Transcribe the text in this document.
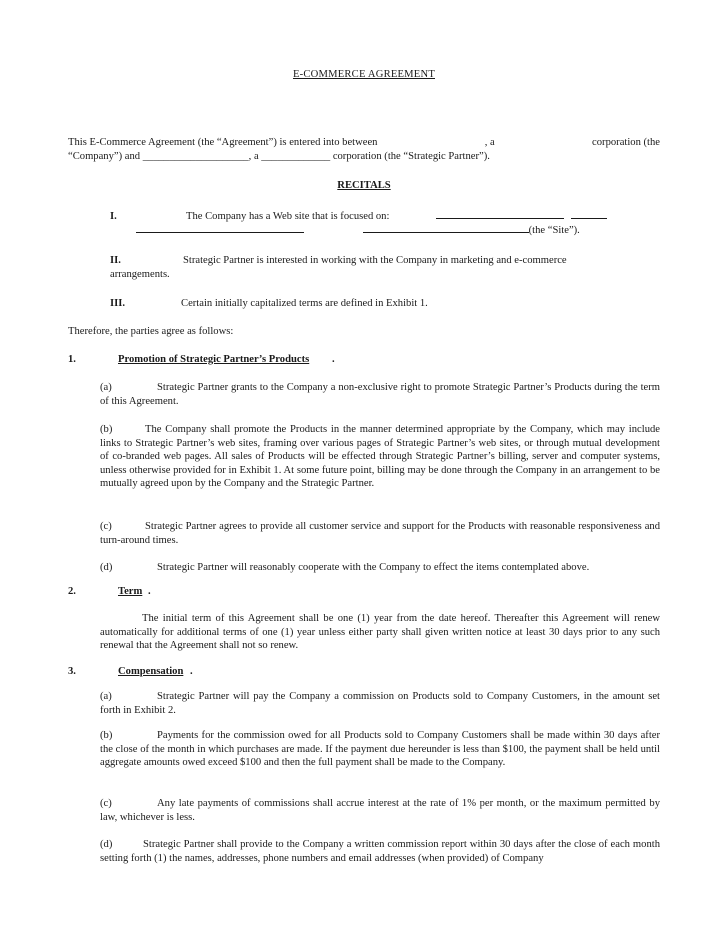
E-COMMERCE AGREEMENT
This E-Commerce Agreement (the “Agreement”) is entered into between	, a	corporation (the
“Company”) and ____________________, a _____________ corporation (the “Strategic Partner”).
RECITALS
I.	The Company has a Web site that is focused on:
(the “Site”).
II.	Strategic Partner is interested in working with the Company in marketing and e-commerce
arrangements.
III.	Certain initially capitalized terms are defined in Exhibit 1.
Therefore, the parties agree as follows:
1.	Promotion of Strategic Partner’s Products .
(a)	Strategic Partner grants to the Company a non-exclusive right to promote Strategic Partner’s Products during the term of this Agreement.
(b)	The Company shall promote the Products in the manner determined appropriate by the Company, which may include links to Strategic Partner’s web sites, framing over various pages of Strategic Partner’s web sites, or through mutual development of co-branded web pages. All sales of Products will be effected through Strategic Partner’s billing, server and computer systems, unless otherwise provided for in Exhibit 1. At some future point, billing may be done through the Company in an arrangement to be mutually agreed upon by the Company and the Strategic Partner.
(c)	Strategic Partner agrees to provide all customer service and support for the Products with reasonable responsiveness and turn-around times.
(d)	Strategic Partner will reasonably cooperate with the Company to effect the items contemplated above.
2.	Term .
The initial term of this Agreement shall be one (1) year from the date hereof. Thereafter this Agreement will renew automatically for additional terms of one (1) year unless either party shall given written notice at least 30 days prior to any such renewal that the Agreement shall not so renew.
3.	Compensation .
(a)	Strategic Partner will pay the Company a commission on Products sold to Company Customers, in the amount set forth in Exhibit 2.
(b)	Payments for the commission owed for all Products sold to Company Customers shall be made within 30 days after the close of the month in which purchases are made. If the payment due hereunder is less than $100, the payment shall be held until aggregate amounts owed exceed $100 and then the full payment shall be made to the Company.
(c)	Any late payments of commissions shall accrue interest at the rate of 1% per month, or the maximum permitted by law, whichever is less.
(d)	Strategic Partner shall provide to the Company a written commission report within 30 days after the close of each month setting forth (1) the names, addresses, phone numbers and email addresses (when provided) of Company
